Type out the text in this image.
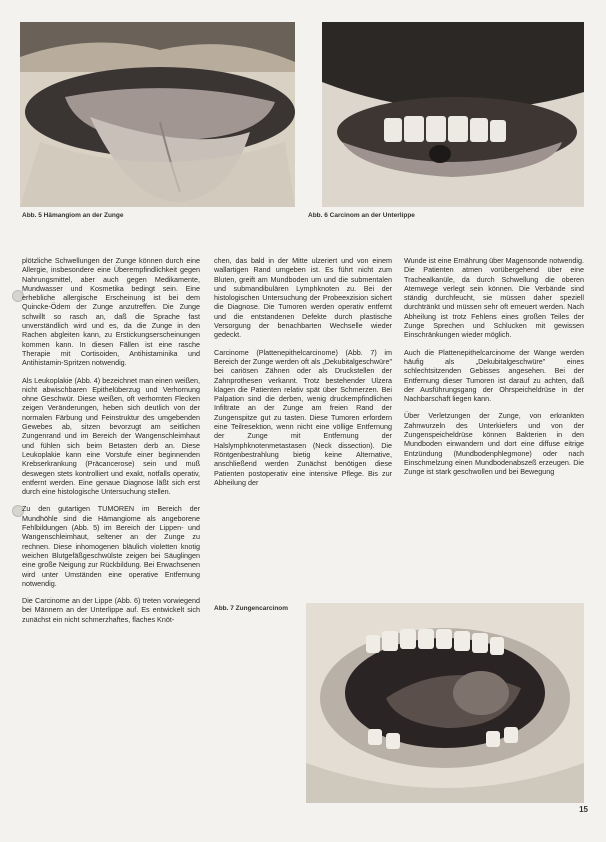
Abb. 5 Hämangiom an der Zunge	Abb. 6 Carcinom an der Unterlippe

plötzliche Schwellungen der Zunge können durch eine Allergie, insbesondere eine Überempfindlichkeit gegen Nahrungsmittel, aber auch gegen Medikamente, Mundwasser und Kosmetika bedingt sein. Eine erhebliche allergische Erscheinung ist bei dem Quincke-Ödem der Zunge anzutreffen. Die Zunge schwillt so rasch an, daß die Sprache fast unverständlich wird und es, da die Zunge in den Rachen abgleiten kann, zu Erstickungserscheinungen kommen kann. In diesen Fällen ist eine rasche Therapie mit Cortisoiden, Antihistaminika und Antihistamin-Spritzen notwendig.

Als Leukoplakie (Abb. 4) bezeichnet man einen weißen, nicht abwischbaren Epithelüberzug und Verhornung ohne Geschwür. Diese weißen, oft verhornten Flecken zeigen Veränderungen, heben sich deutlich von der normalen Färbung und Feinstruktur des umgebenden Gewebes ab, sitzen bevorzugt am seitlichen Zungenrand und im Bereich der Wangenschleimhaut und fühlen sich beim Betasten derb an. Diese Leukoplakie kann eine Vorstufe einer beginnenden Krebserkrankung (Präcancerose) sein und muß deswegen stets kontrolliert und exakt, notfalls operativ, entfernt werden. Eine genaue Diagnose läßt sich erst durch eine histologische Untersuchung stellen.

Zu den gutartigen TUMOREN im Bereich der Mundhöhle sind die Hämangiome als angeborene Fehlbildungen (Abb. 5) im Bereich der Lippen- und Wangenschleimhaut, seltener an der Zunge zu rechnen. Diese inhomogenen bläulich violetten knotig weichen Blutgefäßgeschwülste zeigen bei Säuglingen eine große Neigung zur Rückbildung. Bei Erwachsenen wird unter Umständen eine operative Entfernung notwendig.

Die Carcinome an der Lippe (Abb. 6) treten vorwiegend bei Männern an der Unterlippe auf. Es entwickelt sich zunächst ein nicht schmerzhaftes, flaches Knöt-

chen, das bald in der Mitte ulzeriert und von einem wallartigen Rand umgeben ist. Es führt nicht zum Bluten, greift am Mundboden um und die submentalen und submandibulären Lymphknoten zu. Bei der histologischen Untersuchung der Probeexzision sichert die Diagnose. Die Tumoren werden operativ entfernt und die entstandenen Defekte durch plastische Versorgung der benachbarten Wechselle wieder gedeckt.

Carcinome (Plattenepithelcarcinome) (Abb. 7) im Bereich der Zunge werden oft als „Dekubitalgeschwüre" bei cariösen Zähnen oder als Druckstellen der Zahnprothesen verkannt. Trotz bestehender Ulzera klagen die Patienten relativ spät über Schmerzen. Bei Palpation sind die derben, wenig druckempfindlichen Infiltrate an der Zunge am freien Rand der Zungenspitze gut zu tasten. Diese Tumoren erfordern eine Teilresektion, wenn nicht eine völlige Entfernung der Zunge mit Entfernung der Halslymphknotenmetastasen (Neck dissection). Die Röntgenbestrahlung bietig keine Alternative, anschließend werden Zunächst benötigen diese Patienten postoperativ eine intensive Pflege. Bis zur Abheilung der

Wunde ist eine Ernährung über Magensonde notwendig. Die Patienten atmen vorübergehend über eine Trachealkanüle, da durch Schwellung die oberen Atemwege verlegt sein können. Die Verbände sind ständig durchfeucht, sie müssen daher speziell durchtränkt und müssen sehr oft erneuert werden. Nach Abheilung ist trotz Fehlens eines großen Teiles der Zunge Sprechen und Schlucken mit gewissen Einschränkungen wieder möglich.

Auch die Plattenepithelcarcinome der Wange werden häufig als „Dekubitalgeschwüre" eines schlechtsitzenden Gebisses angesehen. Bei der Entfernung dieser Tumoren ist darauf zu achten, daß der Ausführungsgang der Ohrspeicheldrüse in der Nachbarschaft liegen kann.

Über Verletzungen der Zunge, von erkrankten Zahnwurzeln des Unterkiefers und von der Zungenspeicheldrüse können Bakterien in den Mundboden einwandern und dort eine diffuse eitrige Entzündung (Mundbodenphlegmone) oder nach Einschmelzung einen Mundbodenabszeß erzeugen. Die Zunge ist stark geschwollen und bei Bewegung

Abb. 7 Zungencarcinom
15
